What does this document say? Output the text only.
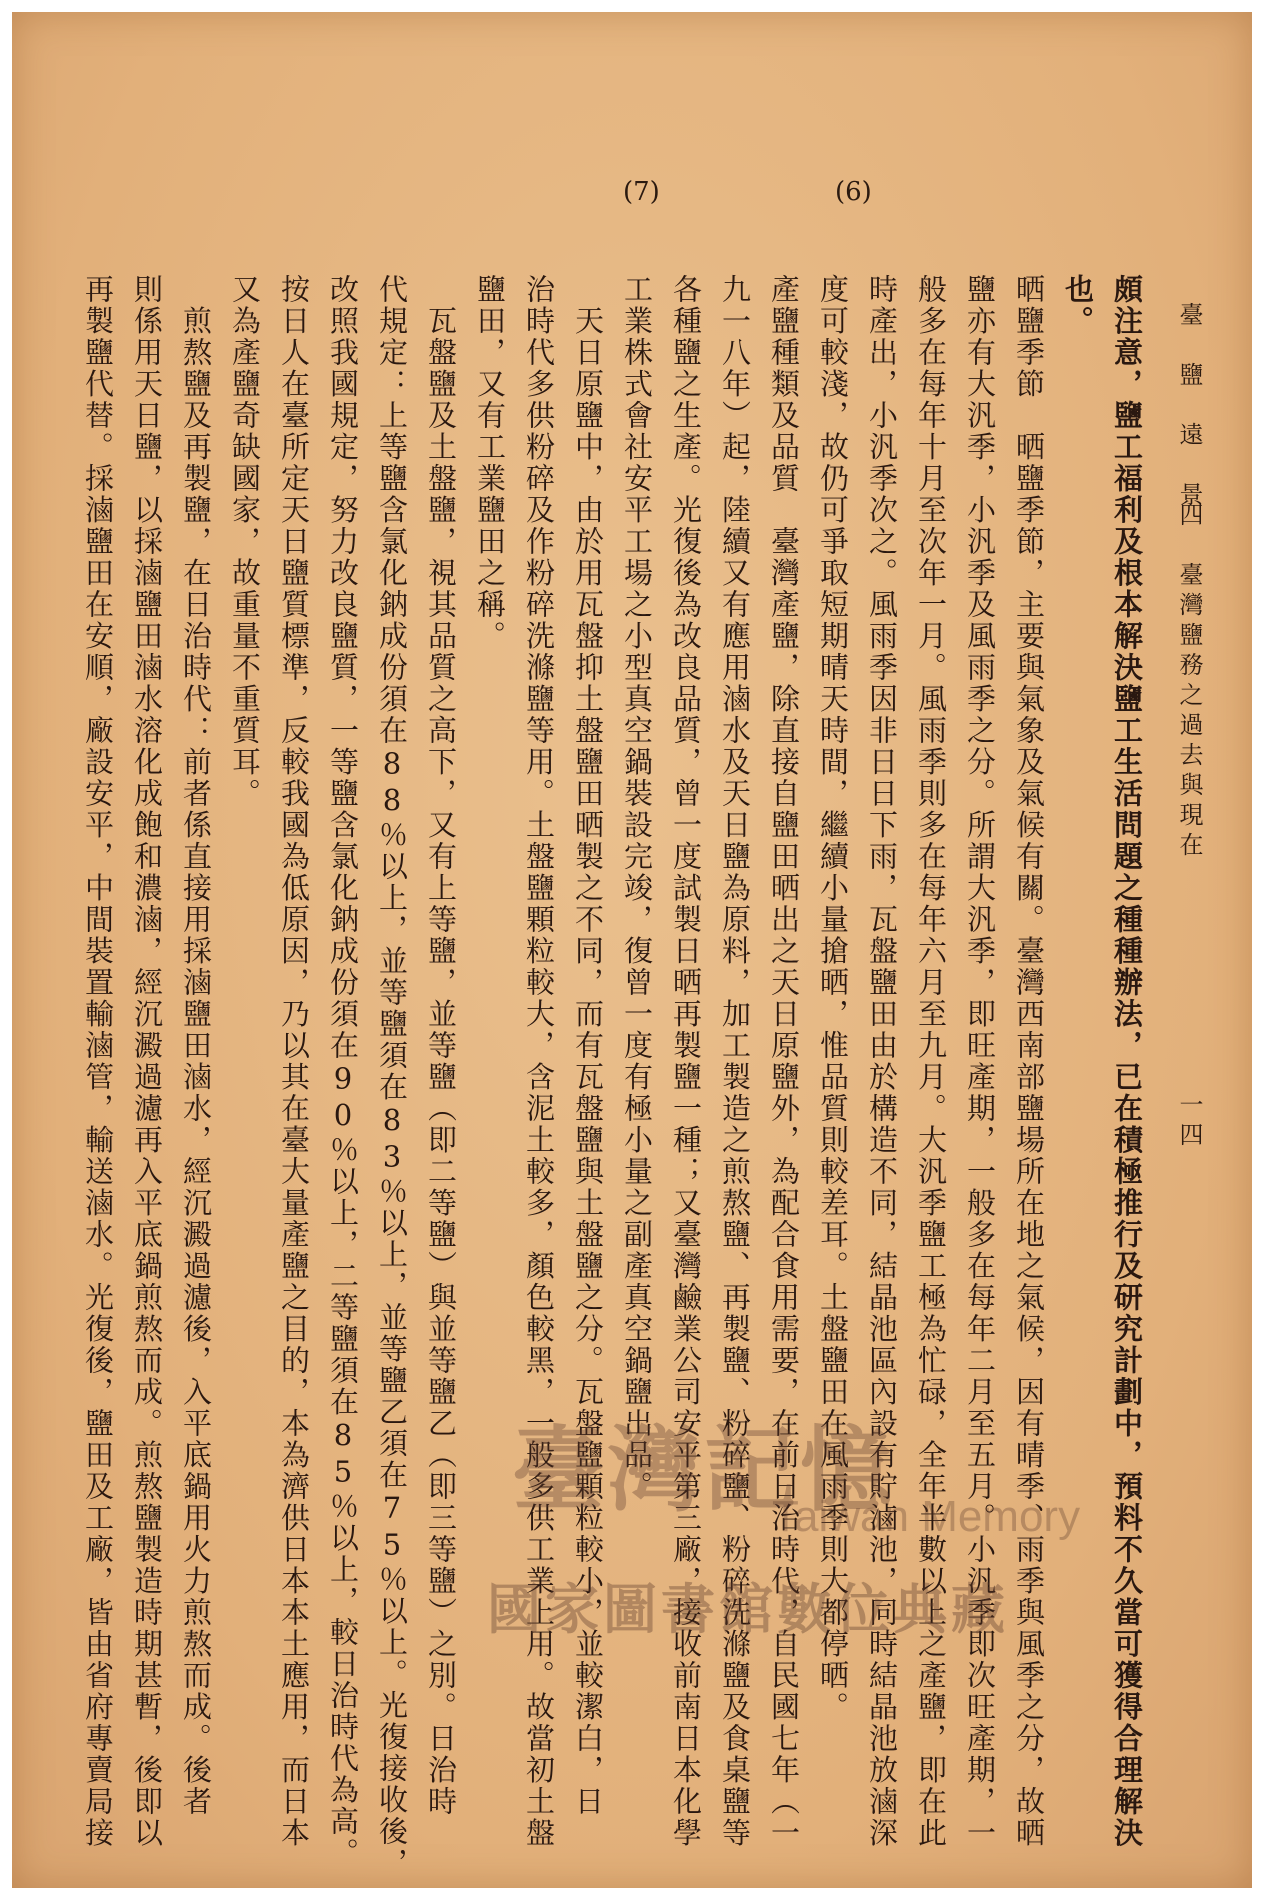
一四
四　臺灣鹽務之過去與現在
臺　鹽　遠　景
(7)	(6)
頗注意，鹽工福利及根本解決鹽工生活問題之種種辦法，已在積極推行及研究計劃中，預料不久當可獲得合理解決
也。
晒鹽季節　晒鹽季節，主要與氣象及氣候有關。臺灣西南部鹽場所在地之氣候，因有晴季、雨季與風季之分，故晒
鹽亦有大汎季，小汎季及風雨季之分。所謂大汎季，即旺產期，一般多在每年二月至五月。小汎季即次旺產期，一
般多在每年十月至次年一月。風雨季則多在每年六月至九月。大汎季鹽工極為忙碌，全年半數以上之產鹽，即在此
時產出，小汎季次之。風雨季因非日日下雨，瓦盤鹽田由於構造不同，結晶池區內設有貯滷池，同時結晶池放滷深
度可較淺，故仍可爭取短期晴天時間，繼續小量搶晒，惟品質則較差耳。土盤鹽田在風雨季則大都停晒。
產鹽種類及品質　臺灣產鹽，除直接自鹽田晒出之天日原鹽外，為配合食用需要，在前日治時代，自民國七年（一
九一八年）起，陸續又有應用滷水及天日鹽為原料，加工製造之煎熬鹽、再製鹽、粉碎鹽、粉碎洗滌鹽及食桌鹽等
各種鹽之生產。光復後為改良品質，曾一度試製日晒再製鹽一種；又臺灣鹼業公司安平第三廠，接收前南日本化學
工業株式會社安平工場之小型真空鍋裝設完竣，復曾一度有極小量之副產真空鍋鹽出品。
　天日原鹽中，由於用瓦盤抑土盤鹽田晒製之不同，而有瓦盤鹽與土盤鹽之分。瓦盤鹽顆粒較小，並較潔白，日
治時代多供粉碎及作粉碎洗滌鹽等用。土盤鹽顆粒較大，含泥土較多，顏色較黑，一般多供工業上用。故當初土盤
鹽田，又有工業鹽田之稱。
　瓦盤鹽及土盤鹽，視其品質之高下，又有上等鹽，並等鹽（即二等鹽）與並等鹽乙（即三等鹽）之別。日治時
代規定：上等鹽含氯化鈉成份須在88％以上，並等鹽須在83％以上，並等鹽乙須在75％以上。光復接收後，
改照我國規定，努力改良鹽質，一等鹽含氯化鈉成份須在90％以上，二等鹽須在85％以上，較日治時代為高。
按日人在臺所定天日鹽質標準，反較我國為低原因，乃以其在臺大量產鹽之目的，本為濟供日本本土應用，而日本
又為產鹽奇缺國家，故重量不重質耳。
　煎熬鹽及再製鹽，在日治時代：前者係直接用採滷鹽田滷水，經沉澱過濾後，入平底鍋用火力煎熬而成。後者
則係用天日鹽，以採滷鹽田滷水溶化成飽和濃滷，經沉澱過濾再入平底鍋煎熬而成。煎熬鹽製造時期甚暫，後即以
再製鹽代替。採滷鹽田在安順，廠設安平，中間裝置輸滷管，輸送滷水。光復後，鹽田及工廠，皆由省府專賣局接	臺灣記憶
Taiwan Memory
國家圖書館數位典藏
